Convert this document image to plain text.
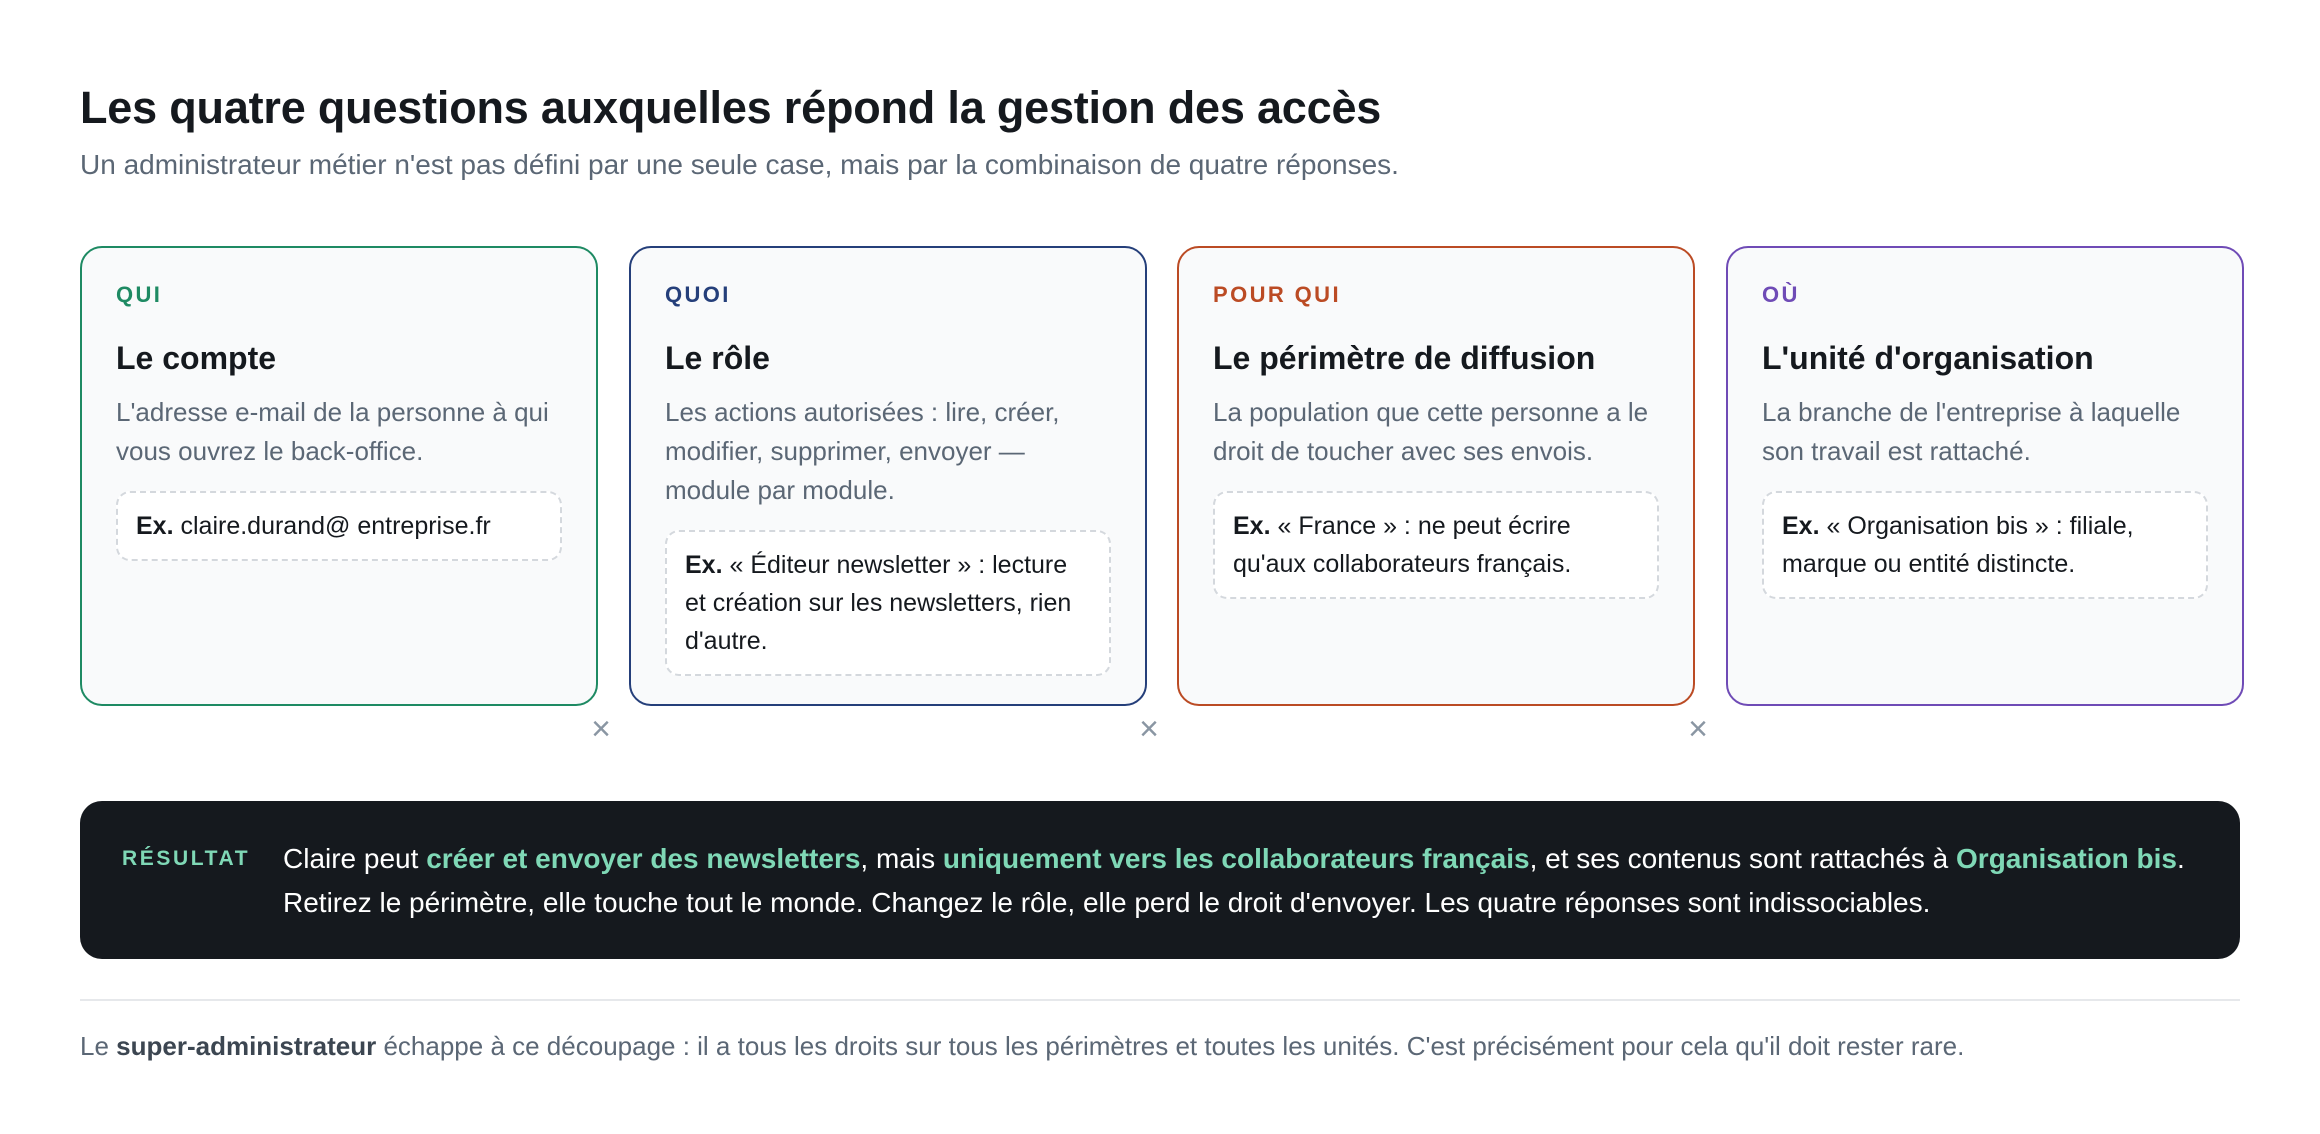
Les quatre questions auxquelles répond la gestion des accès

Un administrateur métier n'est pas défini par une seule case, mais par la combinaison de quatre réponses.

QUI
Le compte
L'adresse e-mail de la personne à qui vous ouvrez le back-office.
Ex. claire.durand@ entreprise.fr
QUOI
Le rôle
Les actions autorisées : lire, créer, modifier, supprimer, envoyer — module par module.
Ex. « Éditeur newsletter » : lecture et création sur les newsletters, rien d'autre.
POUR QUI
Le périmètre de diffusion
La population que cette personne a le droit de toucher avec ses envois.
Ex. « France » : ne peut écrire qu'aux collaborateurs français.
OÙ
L'unité d'organisation
La branche de l'entreprise à laquelle son travail est rattaché.
Ex. « Organisation bis » : filiale, marque ou entité distincte.
×	×	×
RÉSULTAT Claire peut créer et envoyer des newsletters, mais uniquement vers les collaborateurs français, et ses contenus sont rattachés à Organisation bis. Retirez le périmètre, elle touche tout le monde. Changez le rôle, elle perd le droit d'envoyer. Les quatre réponses sont indissociables.
Le super-administrateur échappe à ce découpage : il a tous les droits sur tous les périmètres et toutes les unités. C'est précisément pour cela qu'il doit rester rare.
